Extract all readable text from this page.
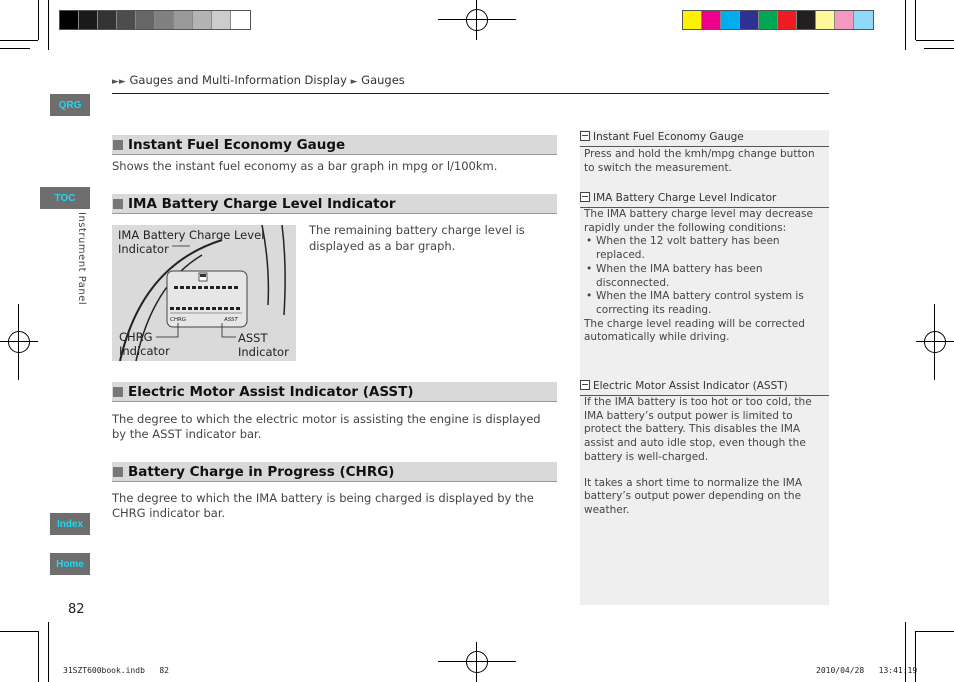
►► Gauges and Multi-Information Display ► Gauges
QRG
TOC
Instrument Panel
Index
Home
Instant Fuel Economy Gauge
Shows the instant fuel economy as a bar graph in mpg or l/100km.
IMA Battery Charge Level Indicator
The remaining battery charge level is displayed as a bar graph.
CHRG	ASST
IMA Battery Charge Level
Indicator
CHRG
Indicator
ASST
Indicator
Electric Motor Assist Indicator (ASST)
The degree to which the electric motor is assisting the engine is displayed by the ASST indicator bar.
Battery Charge in Progress (CHRG)
The degree to which the IMA battery is being charged is displayed by the CHRG indicator bar.
Instant Fuel Economy Gauge
Press and hold the kmh/mpg change button to switch the measurement.
IMA Battery Charge Level Indicator
The IMA battery charge level may decrease rapidly under the following conditions:
• When the 12 volt battery has been replaced.
• When the IMA battery has been disconnected.
• When the IMA battery control system is correcting its reading.
The charge level reading will be corrected automatically while driving.
Electric Motor Assist Indicator (ASST)
If the IMA battery is too hot or too cold, the IMA battery’s output power is limited to protect the battery. This disables the IMA assist and auto idle stop, even though the battery is well-charged.
It takes a short time to normalize the IMA battery’s output power depending on the weather.
82
31SZT600book.indb 82	2010/04/28 13:41:19
